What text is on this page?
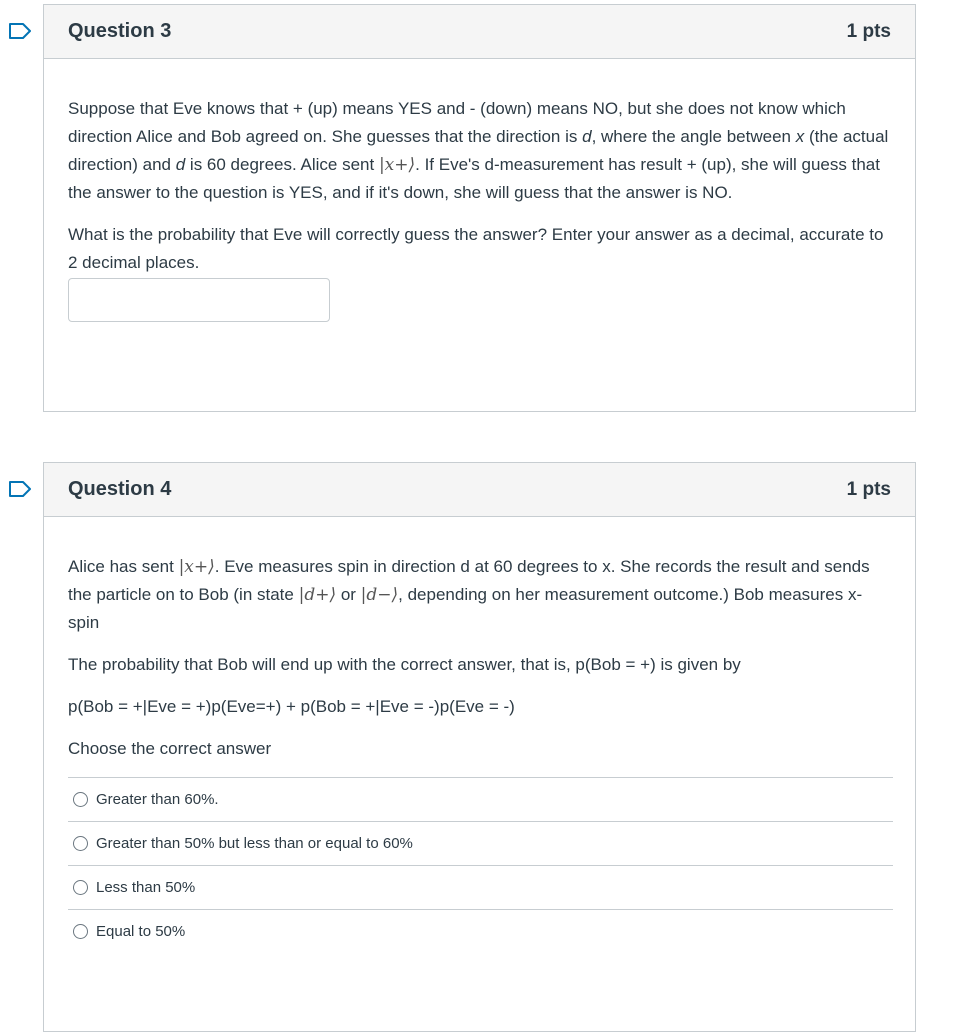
Question 3	1 pts

Suppose that Eve knows that + (up) means YES and - (down) means NO, but she does not know which direction Alice and Bob agreed on. She guesses that the direction is d, where the angle between x (the actual direction) and d is 60 degrees. Alice sent |x+⟩. If Eve's d-measurement has result + (up), she will guess that the answer to the question is YES, and if it's down, she will guess that the answer is NO.

What is the probability that Eve will correctly guess the answer? Enter your answer as a decimal, accurate to 2 decimal places.

Question 4	1 pts

Alice has sent |x+⟩. Eve measures spin in direction d at 60 degrees to x. She records the result and sends the particle on to Bob (in state |d+⟩ or |d−⟩, depending on her measurement outcome.) Bob measures x-spin

The probability that Bob will end up with the correct answer, that is, p(Bob = +) is given by

p(Bob = +|Eve = +)p(Eve=+) + p(Bob = +|Eve = -)p(Eve = -)

Choose the correct answer

Greater than 60%.
Greater than 50% but less than or equal to 60%
Less than 50%
Equal to 50%
